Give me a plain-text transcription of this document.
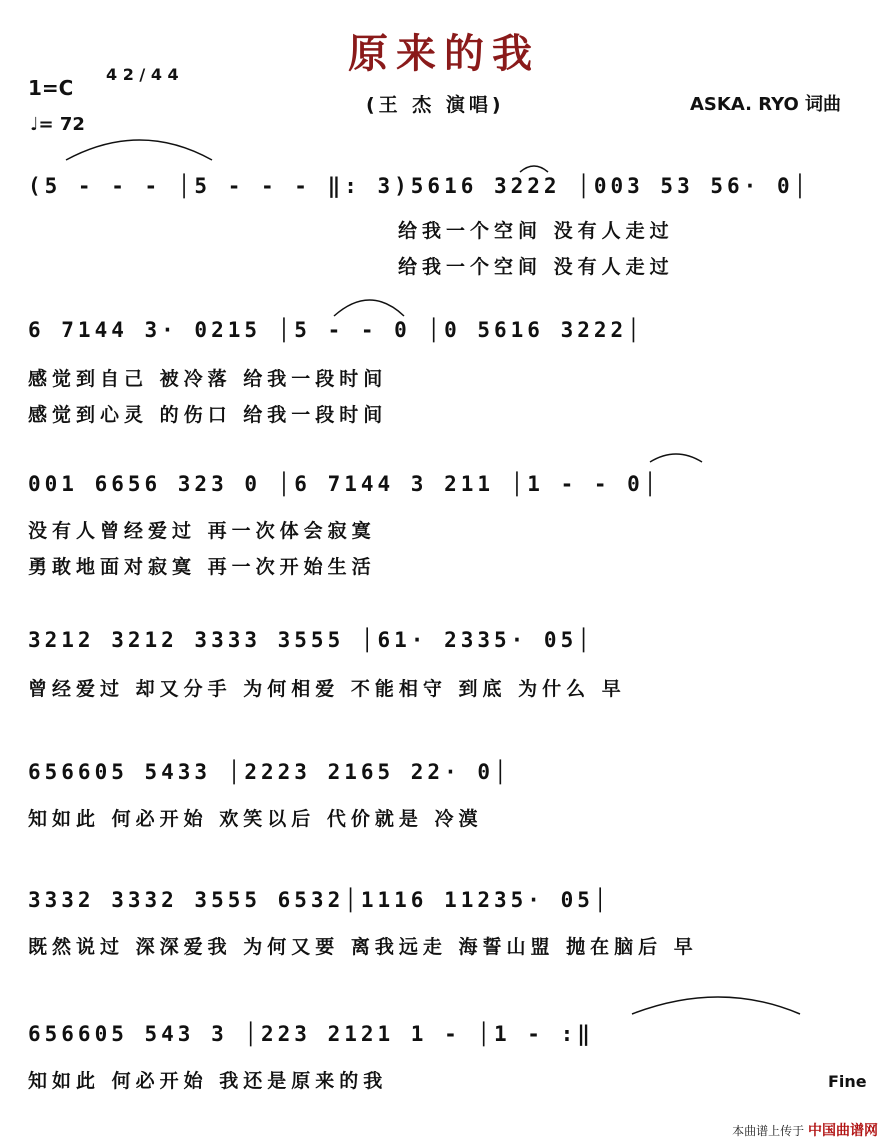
原来的我
1=C
4 2 / 4 4
♩= 72
(王 杰 演唱)	ASKA. RYO 词曲
(5 - - - │5 - - - ‖: 3)5616 3222 │003 53 56· 0│
给我一个空间 没有人走过
给我一个空间 没有人走过
6 7144 3· 0215 │5 - - 0 │0 5616 3222│
感觉到自己 被冷落 给我一段时间
感觉到心灵 的伤口 给我一段时间
001 6656 323 0 │6 7144 3 211 │1 - - 0│
没有人曾经爱过 再一次体会寂寞
勇敢地面对寂寞 再一次开始生活
3212 3212 3333 3555 │61· 2335· 05│
曾经爱过 却又分手 为何相爱 不能相守 到底 为什么 早
656605 5433 │2223 2165 22· 0│
知如此 何必开始 欢笑以后 代价就是 冷漠
3332 3332 3555 6532│1116 11235· 05│
既然说过 深深爱我 为何又要 离我远走 海誓山盟 抛在脑后 早
656605 543 3 │223 2121 1 - │1 - :‖
知如此 何必开始 我还是原来的我	Fine
本曲谱上传于 中国曲谱网
